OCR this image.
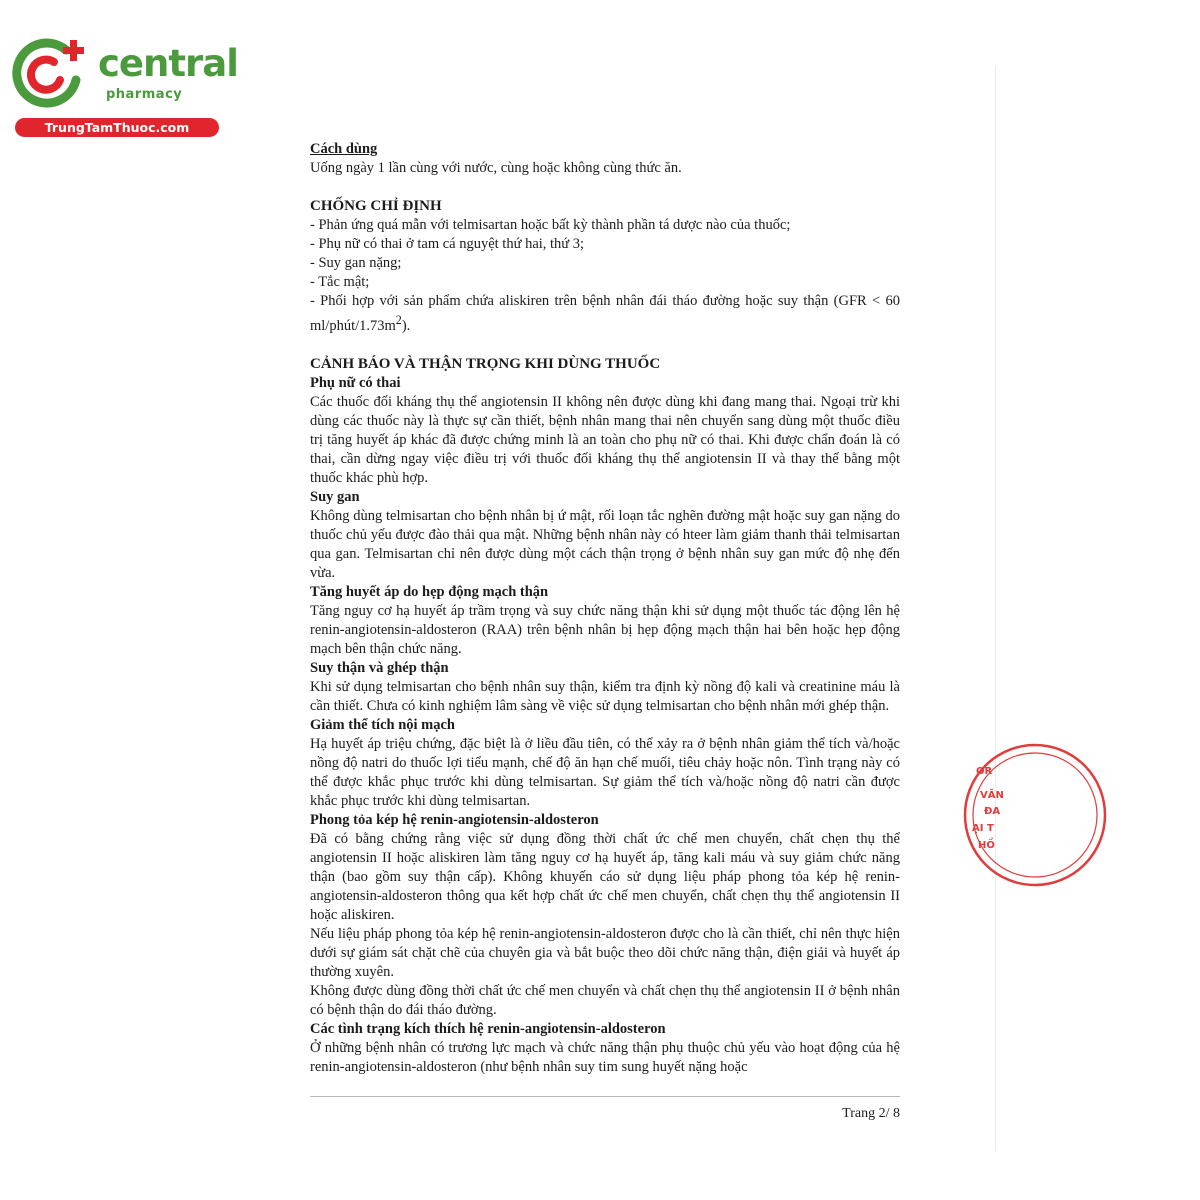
central
pharmacy
TrungTamThuoc.com
OR
VĂN
ĐA
ẠI T
HỒ

Cách dùng

Uống ngày 1 lần cùng với nước, cùng hoặc không cùng thức ăn.

CHỐNG CHỈ ĐỊNH

- Phản ứng quá mẫn với telmisartan hoặc bất kỳ thành phần tá dược nào của thuốc;

- Phụ nữ có thai ở tam cá nguyệt thứ hai, thứ 3;

- Suy gan nặng;

- Tắc mật;

- Phối hợp với sản phẩm chứa aliskiren trên bệnh nhân đái tháo đường hoặc suy thận (GFR < 60 $ml/phút/1.73m^2$).

CẢNH BÁO VÀ THẬN TRỌNG KHI DÙNG THUỐC

Phụ nữ có thai

Các thuốc đối kháng thụ thể angiotensin II không nên được dùng khi đang mang thai. Ngoại trừ khi dùng các thuốc này là thực sự cần thiết, bệnh nhân mang thai nên chuyển sang dùng một thuốc điều trị tăng huyết áp khác đã được chứng minh là an toàn cho phụ nữ có thai. Khi được chẩn đoán là có thai, cần dừng ngay việc điều trị với thuốc đối kháng thụ thể angiotensin II và thay thế bằng một thuốc khác phù hợp.

Suy gan

Không dùng telmisartan cho bệnh nhân bị ứ mật, rối loạn tắc nghẽn đường mật hoặc suy gan nặng do thuốc chủ yếu được đào thải qua mật. Những bệnh nhân này có hteer làm giảm thanh thải telmisartan qua gan. Telmisartan chỉ nên được dùng một cách thận trọng ở bệnh nhân suy gan mức độ nhẹ đến vừa.

Tăng huyết áp do hẹp động mạch thận

Tăng nguy cơ hạ huyết áp trầm trọng và suy chức năng thận khi sử dụng một thuốc tác động lên hệ renin-angiotensin-aldosteron (RAA) trên bệnh nhân bị hẹp động mạch thận hai bên hoặc hẹp động mạch bên thận chức năng.

Suy thận và ghép thận

Khi sử dụng telmisartan cho bệnh nhân suy thận, kiểm tra định kỳ nồng độ kali và creatinine máu là cần thiết. Chưa có kinh nghiệm lâm sàng về việc sử dụng telmisartan cho bệnh nhân mới ghép thận.

Giảm thể tích nội mạch

Hạ huyết áp triệu chứng, đặc biệt là ở liều đầu tiên, có thể xảy ra ở bệnh nhân giảm thể tích và/hoặc nồng độ natri do thuốc lợi tiểu mạnh, chế độ ăn hạn chế muối, tiêu chảy hoặc nôn. Tình trạng này có thể được khắc phục trước khi dùng telmisartan. Sự giảm thể tích và/hoặc nồng độ natri cần được khắc phục trước khi dùng telmisartan.

Phong tỏa kép hệ renin-angiotensin-aldosteron

Đã có bằng chứng rằng việc sử dụng đồng thời chất ức chế men chuyển, chất chẹn thụ thể angiotensin II hoặc aliskiren làm tăng nguy cơ hạ huyết áp, tăng kali máu và suy giảm chức năng thận (bao gồm suy thận cấp). Không khuyến cáo sử dụng liệu pháp phong tỏa kép hệ renin-angiotensin-aldosteron thông qua kết hợp chất ức chế men chuyển, chất chẹn thụ thể angiotensin II hoặc aliskiren.

Nếu liệu pháp phong tỏa kép hệ renin-angiotensin-aldosteron được cho là cần thiết, chỉ nên thực hiện dưới sự giám sát chặt chẽ của chuyên gia và bắt buộc theo dõi chức năng thận, điện giải và huyết áp thường xuyên.

Không được dùng đồng thời chất ức chế men chuyển và chất chẹn thụ thể angiotensin II ở bệnh nhân có bệnh thận do đái tháo đường.

Các tình trạng kích thích hệ renin-angiotensin-aldosteron

Ở những bệnh nhân có trương lực mạch và chức năng thận phụ thuộc chủ yếu vào hoạt động của hệ renin-angiotensin-aldosteron (như bệnh nhân suy tim sung huyết nặng hoặc

Trang 2/ 8
